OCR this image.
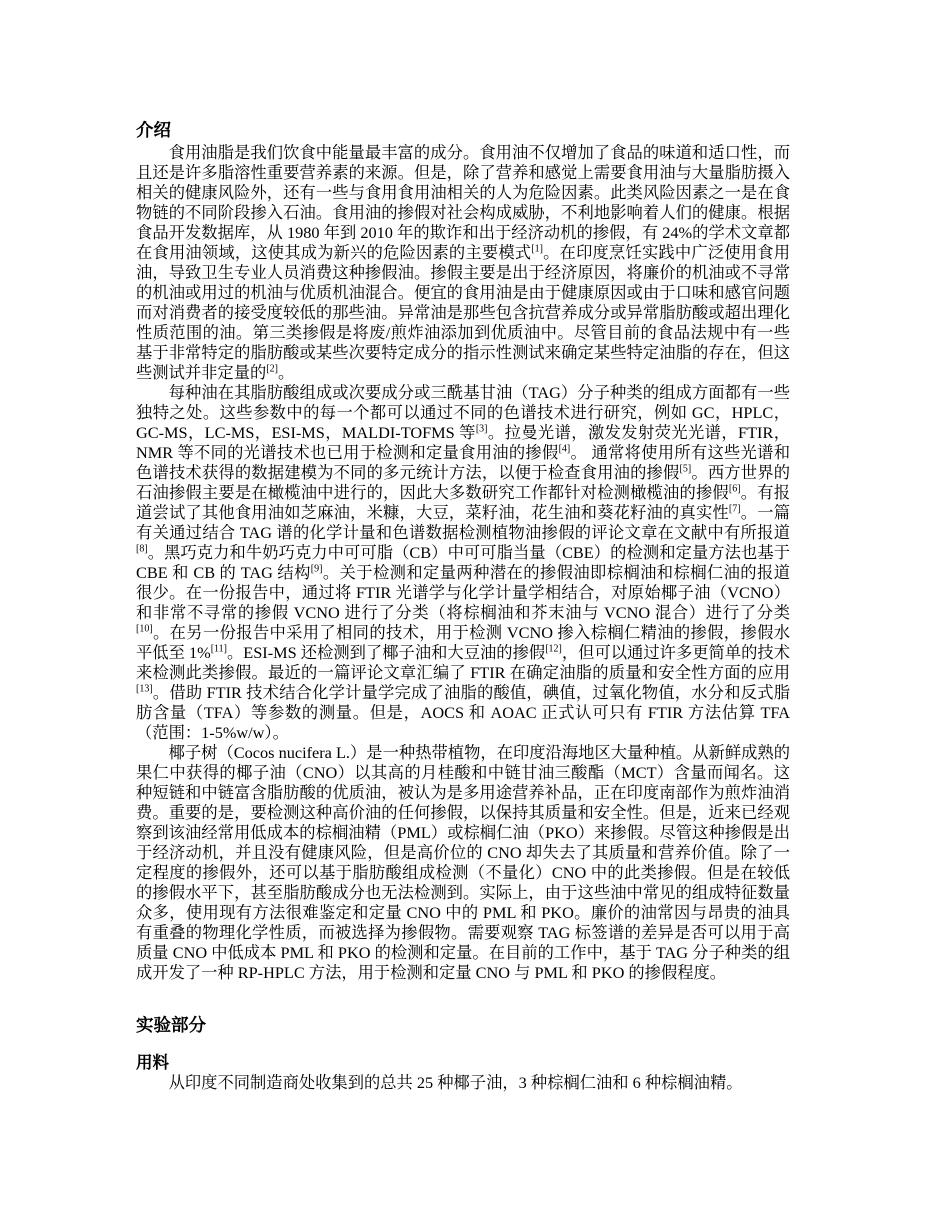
介绍

食用油脂是我们饮食中能量最丰富的成分。食用油不仅增加了食品的味道和适口性，而且还是许多脂溶性重要营养素的来源。但是，除了营养和感觉上需要食用油与大量脂肪摄入相关的健康风险外，还有一些与食用食用油相关的人为危险因素。此类风险因素之一是在食物链的不同阶段掺入石油。食用油的掺假对社会构成威胁，不利地影响着人们的健康。根据食品开发数据库，从 1980 年到 2010 年的欺诈和出于经济动机的掺假，有 24%的学术文章都在食用油领域，这使其成为新兴的危险因素的主要模式[1]。在印度烹饪实践中广泛使用食用油，导致卫生专业人员消费这种掺假油。掺假主要是出于经济原因，将廉价的机油或不寻常的机油或用过的机油与优质机油混合。便宜的食用油是由于健康原因或由于口味和感官问题而对消费者的接受度较低的那些油。异常油是那些包含抗营养成分或异常脂肪酸或超出理化性质范围的油。第三类掺假是将废/煎炸油添加到优质油中。尽管目前的食品法规中有一些基于非常特定的脂肪酸或某些次要特定成分的指示性测试来确定某些特定油脂的存在，但这些测试并非定量的[2]。

每种油在其脂肪酸组成或次要成分或三酰基甘油（TAG）分子种类的组成方面都有一些独特之处。这些参数中的每一个都可以通过不同的色谱技术进行研究，例如 GC，HPLC，GC-MS，LC-MS，ESI-MS，MALDI-TOFMS 等[3]。拉曼光谱，激发发射荧光光谱，FTIR，NMR 等不同的光谱技术也已用于检测和定量食用油的掺假[4]。 通常将使用所有这些光谱和色谱技术获得的数据建模为不同的多元统计方法，以便于检查食用油的掺假[5]。西方世界的石油掺假主要是在橄榄油中进行的，因此大多数研究工作都针对检测橄榄油的掺假[6]。有报道尝试了其他食用油如芝麻油，米糠，大豆，菜籽油，花生油和葵花籽油的真实性[7]。一篇有关通过结合 TAG 谱的化学计量和色谱数据检测植物油掺假的评论文章在文献中有所报道[8]。黑巧克力和牛奶巧克力中可可脂（CB）中可可脂当量（CBE）的检测和定量方法也基于 CBE 和 CB 的 TAG 结构[9]。关于检测和定量两种潜在的掺假油即棕榈油和棕榈仁油的报道很少。在一份报告中，通过将 FTIR 光谱学与化学计量学相结合，对原始椰子油（VCNO）和非常不寻常的掺假 VCNO 进行了分类（将棕榈油和芥末油与 VCNO 混合）进行了分类[10]。在另一份报告中采用了相同的技术，用于检测 VCNO 掺入棕榈仁精油的掺假，掺假水平低至 1%[11]。ESI-MS 还检测到了椰子油和大豆油的掺假[12]，但可以通过许多更简单的技术来检测此类掺假。最近的一篇评论文章汇编了 FTIR 在确定油脂的质量和安全性方面的应用[13]。借助 FTIR 技术结合化学计量学完成了油脂的酸值，碘值，过氧化物值，水分和反式脂肪含量（TFA）等参数的测量。但是，AOCS 和 AOAC 正式认可只有 FTIR 方法估算 TFA（范围：1-5%w/w）。

椰子树（Cocos nucifera L.）是一种热带植物，在印度沿海地区大量种植。从新鲜成熟的果仁中获得的椰子油（CNO）以其高的月桂酸和中链甘油三酸酯（MCT）含量而闻名。这种短链和中链富含脂肪酸的优质油，被认为是多用途营养补品，正在印度南部作为煎炸油消费。重要的是，要检测这种高价油的任何掺假，以保持其质量和安全性。但是，近来已经观察到该油经常用低成本的棕榈油精（PML）或棕榈仁油（PKO）来掺假。尽管这种掺假是出于经济动机，并且没有健康风险，但是高价位的 CNO 却失去了其质量和营养价值。除了一定程度的掺假外，还可以基于脂肪酸组成检测（不量化）CNO 中的此类掺假。但是在较低的掺假水平下，甚至脂肪酸成分也无法检测到。实际上，由于这些油中常见的组成特征数量众多，使用现有方法很难鉴定和定量 CNO 中的 PML 和 PKO。廉价的油常因与昂贵的油具有重叠的物理化学性质，而被选择为掺假物。需要观察 TAG 标签谱的差异是否可以用于高质量 CNO 中低成本 PML 和 PKO 的检测和定量。在目前的工作中，基于 TAG 分子种类的组成开发了一种 RP-HPLC 方法，用于检测和定量 CNO 与 PML 和 PKO 的掺假程度。

实验部分
用料

从印度不同制造商处收集到的总共 25 种椰子油，3 种棕榈仁油和 6 种棕榈油精。
